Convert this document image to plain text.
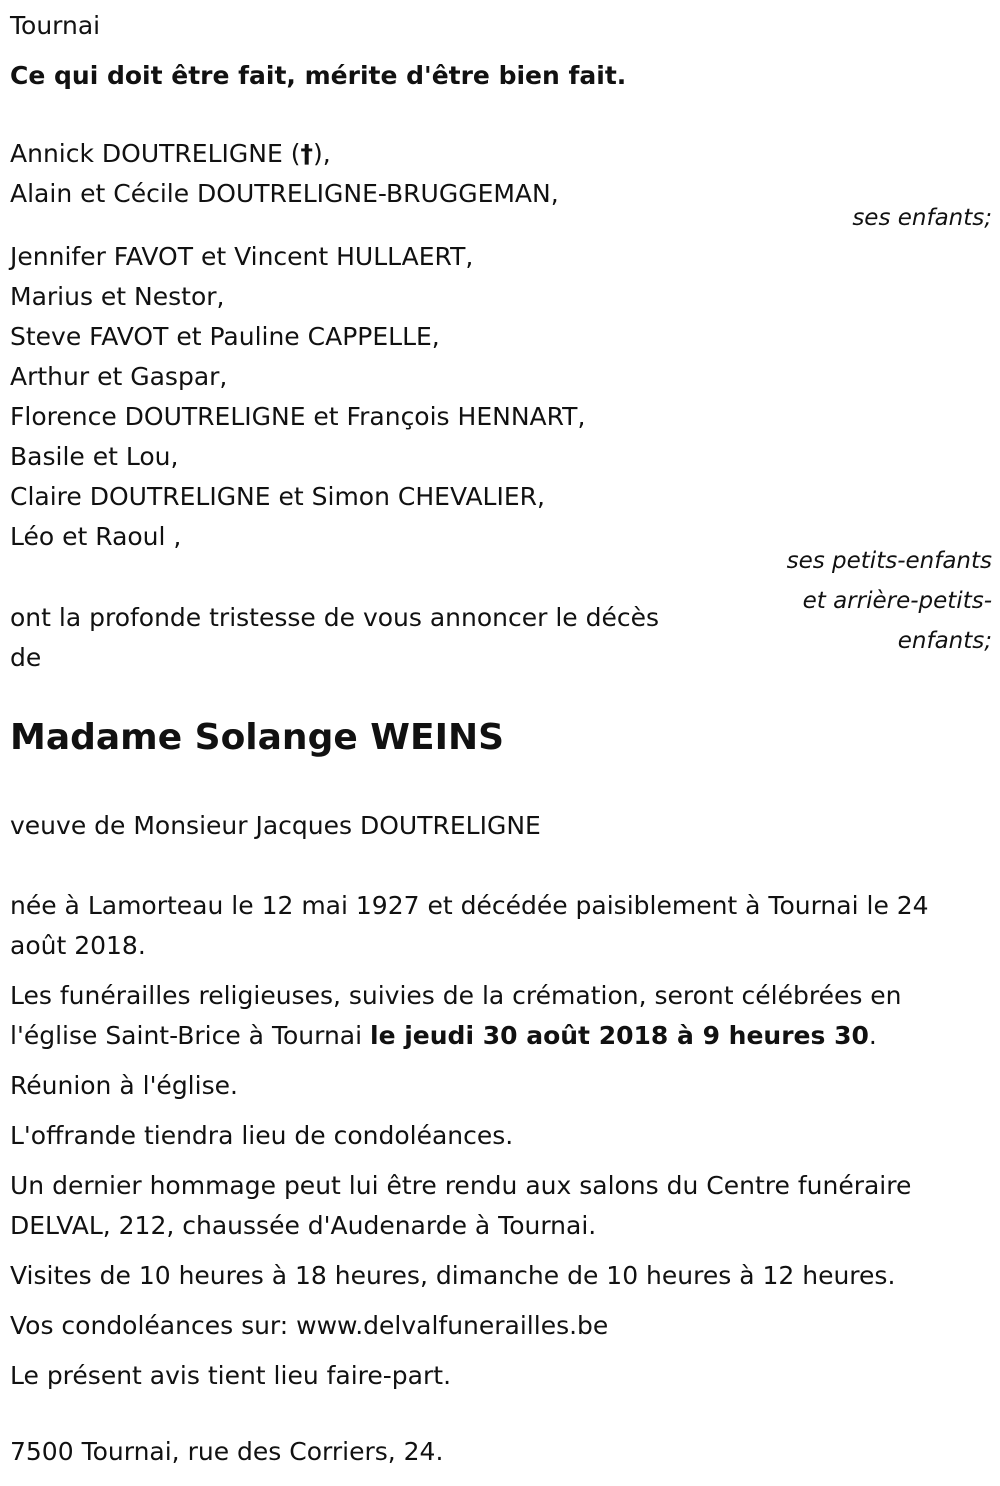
Tournai

Ce qui doit être fait, mérite d'être bien fait.

Annick DOUTRELIGNE (†),
Alain et Cécile DOUTRELIGNE-BRUGGEMAN,
ses enfants;
Jennifer FAVOT et Vincent HULLAERT,
Marius et Nestor,
Steve FAVOT et Pauline CAPPELLE,
Arthur et Gaspar,
Florence DOUTRELIGNE et François HENNART,
Basile et Lou,
Claire DOUTRELIGNE et Simon CHEVALIER,
Léo et Raoul ,
ses petits-enfants
et arrière-petits-
enfants;
ont la profonde tristesse de vous annoncer le décès
de
Madame Solange WEINS

veuve de Monsieur Jacques DOUTRELIGNE

née à Lamorteau le 12 mai 1927 et décédée paisiblement à Tournai le 24 août 2018.

Les funérailles religieuses, suivies de la crémation, seront célébrées en l'église Saint-Brice à Tournai le jeudi 30 août 2018 à 9 heures 30.

Réunion à l'église.

L'offrande tiendra lieu de condoléances.

Un dernier hommage peut lui être rendu aux salons du Centre funéraire DELVAL, 212, chaussée d'Audenarde à Tournai.

Visites de 10 heures à 18 heures, dimanche de 10 heures à 12 heures.

Vos condoléances sur: www.delvalfunerailles.be

Le présent avis tient lieu faire-part.

7500 Tournai, rue des Corriers, 24.
